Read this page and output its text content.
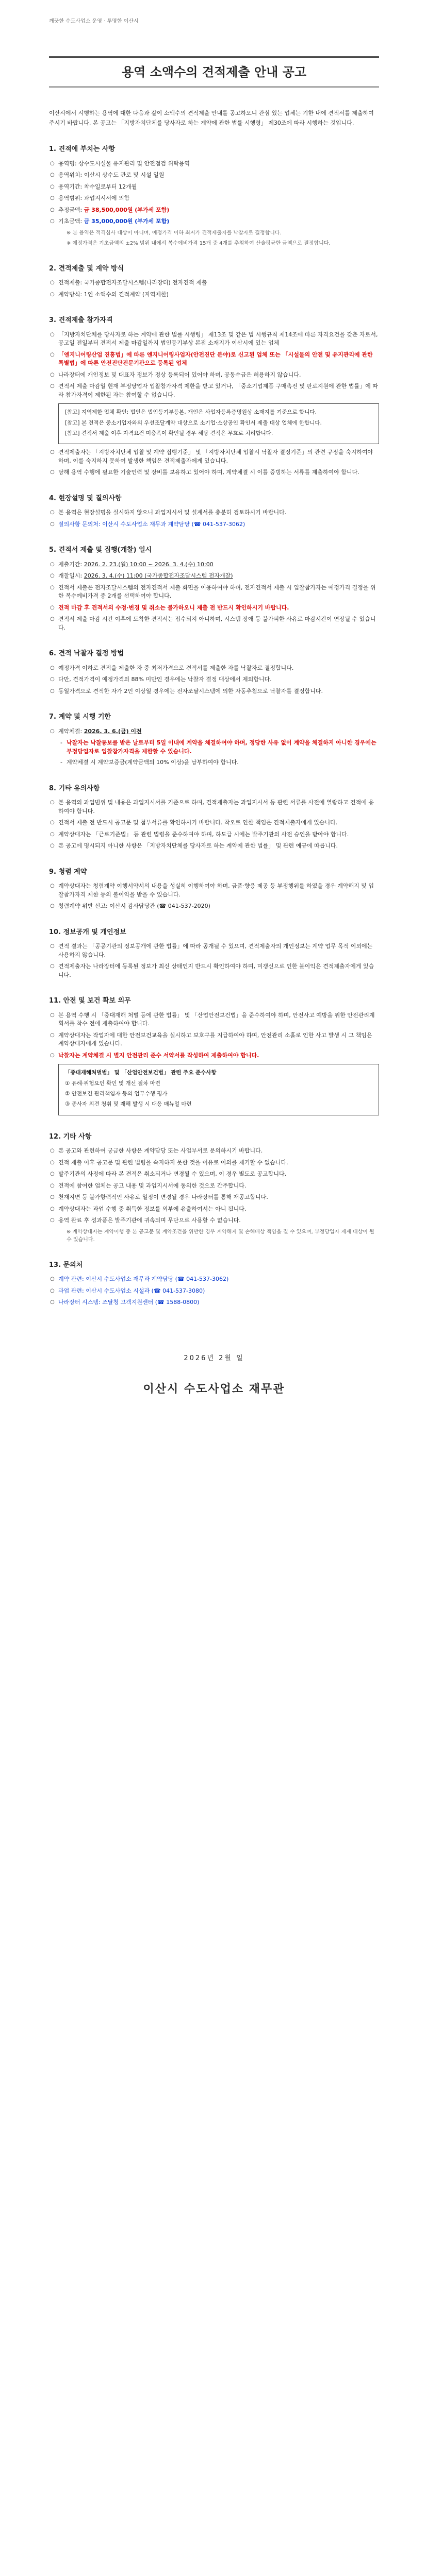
깨끗한 수도사업소 운영 · 투명한 이산시
용역 소액수의 견적제출 안내 공고
이산시에서 시행하는 용역에 대한 다음과 같이 소액수의 견적제출 안내를 공고하오니 관심 있는 업체는 기한 내에 견적서를 제출하여 주시기 바랍니다. 본 공고는 「지방자치단체를 당사자로 하는 계약에 관한 법률 시행령」 제30조에 따라 시행하는 것입니다.
1. 견적에 부치는 사항
○ 용역명: 상수도시설물 유지관리 및 안전점검 위탁용역
○ 용역위치: 이산시 상수도 관로 및 시설 일원
○ 용역기간: 착수일로부터 12개월
○ 용역범위: 과업지시서에 의함
○ 추정금액: 금 38,500,000원 (부가세 포함)
○ 기초금액: 금 35,000,000원 (부가세 포함)
※ 본 용역은 적격심사 대상이 아니며, 예정가격 이하 최저가 견적제출자를 낙찰자로 결정합니다.
※ 예정가격은 기초금액의 ±2% 범위 내에서 복수예비가격 15개 중 4개를 추첨하여 산술평균한 금액으로 결정합니다.
2. 견적제출 및 계약 방식
○ 견적제출: 국가종합전자조달시스템(나라장터) 전자견적 제출
○ 계약방식: 1인 소액수의 견적계약 (지역제한)
3. 견적제출 참가자격
○ 「지방자치단체를 당사자로 하는 계약에 관한 법률 시행령」 제13조 및 같은 법 시행규칙 제14조에 따른 자격요건을 갖춘 자로서, 공고일 전일부터 견적서 제출 마감일까지 법인등기부상 본점 소재지가 이산시에 있는 업체
○ 「엔지니어링산업 진흥법」에 따른 엔지니어링사업자(안전진단 분야)로 신고된 업체 또는 「시설물의 안전 및 유지관리에 관한 특별법」에 따른 안전진단전문기관으로 등록된 업체
○ 나라장터에 개인정보 및 대표자 정보가 정상 등록되어 있어야 하며, 공동수급은 허용하지 않습니다.
○ 견적서 제출 마감일 현재 부정당업자 입찰참가자격 제한을 받고 있거나, 「중소기업제품 구매촉진 및 판로지원에 관한 법률」에 따라 참가자격이 제한된 자는 참여할 수 없습니다.
[참고] 지역제한 업체 확인: 법인은 법인등기부등본, 개인은 사업자등록증명원상 소재지를 기준으로 합니다.
[참고] 본 견적은 중소기업자와의 우선조달계약 대상으로 소기업·소상공인 확인서 제출 대상 업체에 한합니다.
[참고] 견적서 제출 이후 자격요건 미충족이 확인될 경우 해당 견적은 무효로 처리합니다.
○ 견적제출자는 「지방자치단체 입찰 및 계약 집행기준」 및 「지방자치단체 입찰시 낙찰자 결정기준」의 관련 규정을 숙지하여야 하며, 이를 숙지하지 못하여 발생한 책임은 견적제출자에게 있습니다.
○ 당해 용역 수행에 필요한 기술인력 및 장비를 보유하고 있어야 하며, 계약체결 시 이를 증빙하는 서류를 제출하여야 합니다.
4. 현장설명 및 질의사항
○ 본 용역은 현장설명을 실시하지 않으니 과업지시서 및 설계서를 충분히 검토하시기 바랍니다.
○ 질의사항 문의처: 이산시 수도사업소 재무과 계약담당 (☎ 041-537-3062)
5. 견적서 제출 및 집행(개찰) 일시
○ 제출기간: 2026. 2. 23.(월) 10:00 ~ 2026. 3. 4.(수) 10:00
○ 개찰일시: 2026. 3. 4.(수) 11:00 (국가종합전자조달시스템 전자개찰)
○ 견적서 제출은 전자조달시스템의 전자견적서 제출 화면을 이용하여야 하며, 전자견적서 제출 시 입찰참가자는 예정가격 결정을 위한 복수예비가격 중 2개를 선택하여야 합니다.
○ 견적 마감 후 견적서의 수정·변경 및 취소는 불가하오니 제출 전 반드시 확인하시기 바랍니다.
○ 견적서 제출 마감 시간 이후에 도착한 견적서는 접수되지 아니하며, 시스템 장애 등 불가피한 사유로 마감시간이 연장될 수 있습니다.
6. 견적 낙찰자 결정 방법
○ 예정가격 이하로 견적을 제출한 자 중 최저가격으로 견적서를 제출한 자를 낙찰자로 결정합니다.
○ 다만, 견적가격이 예정가격의 88% 미만인 경우에는 낙찰자 결정 대상에서 제외합니다.
○ 동일가격으로 견적한 자가 2인 이상일 경우에는 전자조달시스템에 의한 자동추첨으로 낙찰자를 결정합니다.
7. 계약 및 시행 기한
○ 계약체결: 2026. 3. 6.(금) 이전
- 낙찰자는 낙찰통보를 받은 날로부터 5일 이내에 계약을 체결하여야 하며, 정당한 사유 없이 계약을 체결하지 아니한 경우에는 부정당업자로 입찰참가자격을 제한할 수 있습니다.
- 계약체결 시 계약보증금(계약금액의 10% 이상)을 납부하여야 합니다.
8. 기타 유의사항
○ 본 용역의 과업범위 및 내용은 과업지시서를 기준으로 하며, 견적제출자는 과업지시서 등 관련 서류를 사전에 열람하고 견적에 응하여야 합니다.
○ 견적서 제출 전 반드시 공고문 및 첨부서류를 확인하시기 바랍니다. 착오로 인한 책임은 견적제출자에게 있습니다.
○ 계약상대자는 「근로기준법」 등 관련 법령을 준수하여야 하며, 하도급 시에는 발주기관의 사전 승인을 받아야 합니다.
○ 본 공고에 명시되지 아니한 사항은 「지방자치단체를 당사자로 하는 계약에 관한 법률」 및 관련 예규에 따릅니다.
9. 청렴 계약
○ 계약상대자는 청렴계약 이행서약서의 내용을 성실히 이행하여야 하며, 금품·향응 제공 등 부정행위를 하였을 경우 계약해지 및 입찰참가자격 제한 등의 불이익을 받을 수 있습니다.
○ 청렴계약 위반 신고: 이산시 감사담당관 (☎ 041-537-2020)
10. 정보공개 및 개인정보
○ 견적 결과는 「공공기관의 정보공개에 관한 법률」에 따라 공개될 수 있으며, 견적제출자의 개인정보는 계약 업무 목적 이외에는 사용하지 않습니다.
○ 견적제출자는 나라장터에 등록된 정보가 최신 상태인지 반드시 확인하여야 하며, 미갱신으로 인한 불이익은 견적제출자에게 있습니다.
11. 안전 및 보건 확보 의무
○ 본 용역 수행 시 「중대재해 처벌 등에 관한 법률」 및 「산업안전보건법」을 준수하여야 하며, 안전사고 예방을 위한 안전관리계획서를 착수 전에 제출하여야 합니다.
○ 계약상대자는 작업자에 대한 안전보건교육을 실시하고 보호구를 지급하여야 하며, 안전관리 소홀로 인한 사고 발생 시 그 책임은 계약상대자에게 있습니다.
○ 낙찰자는 계약체결 시 별지 안전관리 준수 서약서를 작성하여 제출하여야 합니다.
「중대재해처벌법」 및 「산업안전보건법」 관련 주요 준수사항
① 유해·위험요인 확인 및 개선 절차 마련
② 안전보건 관리책임자 등의 업무수행 평가
③ 종사자 의견 청취 및 재해 발생 시 대응 매뉴얼 마련
12. 기타 사항
○ 본 공고와 관련하여 궁금한 사항은 계약담당 또는 사업부서로 문의하시기 바랍니다.
○ 견적 제출 이후 공고문 및 관련 법령을 숙지하지 못한 것을 이유로 이의를 제기할 수 없습니다.
○ 발주기관의 사정에 따라 본 견적은 취소되거나 변경될 수 있으며, 이 경우 별도로 공고합니다.
○ 견적에 참여한 업체는 공고 내용 및 과업지시서에 동의한 것으로 간주합니다.
○ 천재지변 등 불가항력적인 사유로 일정이 변경될 경우 나라장터를 통해 재공고합니다.
○ 계약상대자는 과업 수행 중 취득한 정보를 외부에 유출하여서는 아니 됩니다.
○ 용역 완료 후 성과품은 발주기관에 귀속되며 무단으로 사용할 수 없습니다.
※ 계약상대자는 계약이행 중 본 공고문 및 계약조건을 위반한 경우 계약해지 및 손해배상 책임을 질 수 있으며, 부정당업자 제재 대상이 될 수 있습니다.
13. 문의처
○ 계약 관련: 이산시 수도사업소 재무과 계약담당 (☎ 041-537-3062)
○ 과업 관련: 이산시 수도사업소 시설과 (☎ 041-537-3080)
○ 나라장터 시스템: 조달청 고객지원센터 (☎ 1588-0800)
2026년 2월 일
이산시 수도사업소 재무관
